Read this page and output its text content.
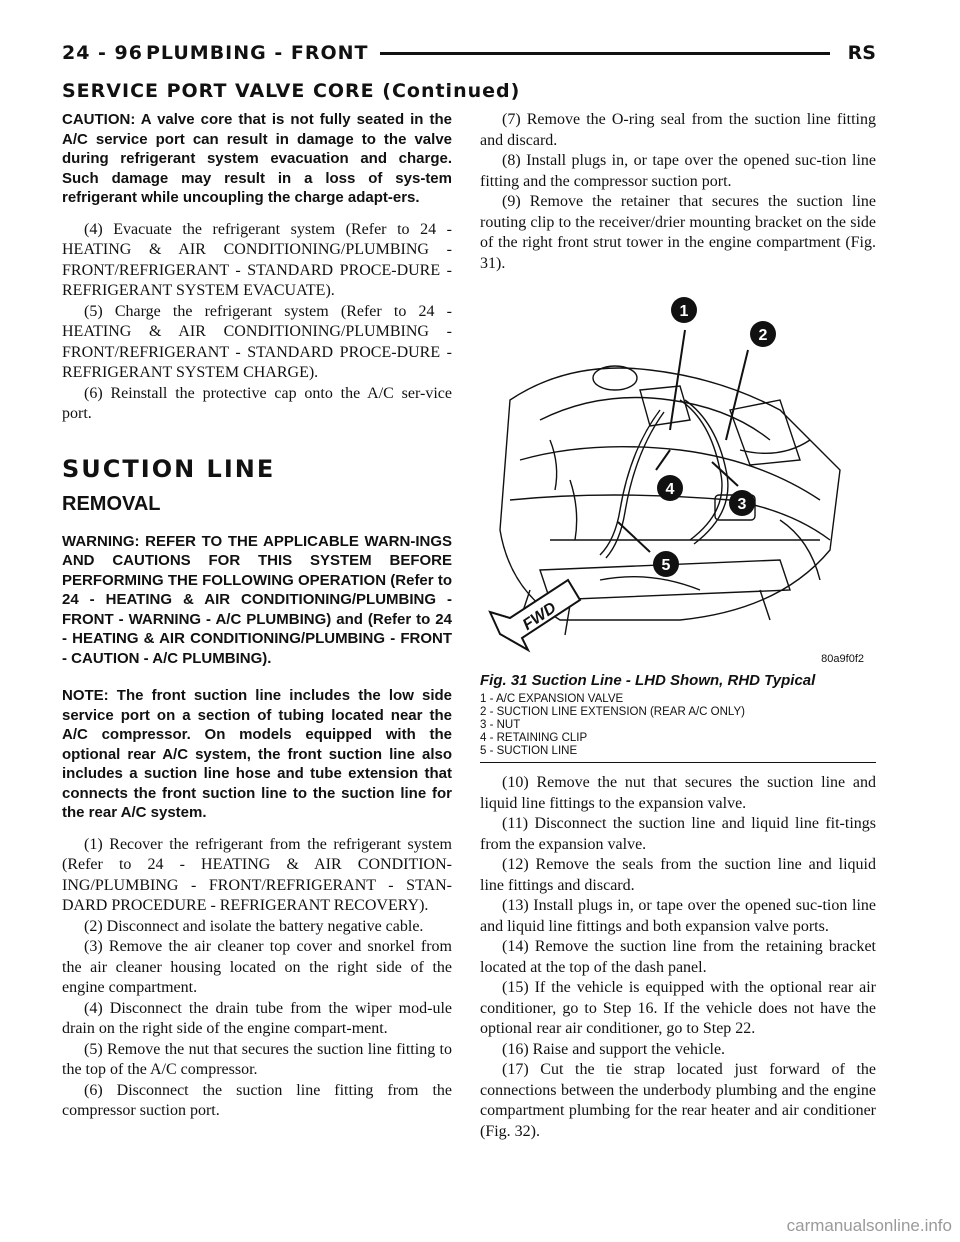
24 - 96 PLUMBING - FRONT	RS
SERVICE PORT VALVE CORE (Continued)

CAUTION: A valve core that is not fully seated in the A/C service port can result in damage to the valve during refrigerant system evacuation and charge. Such damage may result in a loss of sys-tem refrigerant while uncoupling the charge adapt-ers.

(4) Evacuate the refrigerant system (Refer to 24 - HEATING & AIR CONDITIONING/PLUMBING - FRONT/REFRIGERANT - STANDARD PROCE-DURE - REFRIGERANT SYSTEM EVACUATE).

(5) Charge the refrigerant system (Refer to 24 - HEATING & AIR CONDITIONING/PLUMBING - FRONT/REFRIGERANT - STANDARD PROCE-DURE - REFRIGERANT SYSTEM CHARGE).

(6) Reinstall the protective cap onto the A/C ser-vice port.

SUCTION LINE
REMOVAL

WARNING: REFER TO THE APPLICABLE WARN-INGS AND CAUTIONS FOR THIS SYSTEM BEFORE PERFORMING THE FOLLOWING OPERATION (Refer to 24 - HEATING & AIR CONDITIONING/PLUMBING - FRONT - WARNING - A/C PLUMBING) and (Refer to 24 - HEATING & AIR CONDITIONING/PLUMBING - FRONT - CAUTION - A/C PLUMBING).

NOTE: The front suction line includes the low side service port on a section of tubing located near the A/C compressor. On models equipped with the optional rear A/C system, the front suction line also includes a suction line hose and tube extension that connects the front suction line to the suction line for the rear A/C system.

(1) Recover the refrigerant from the refrigerant system (Refer to 24 - HEATING & AIR CONDITION-ING/PLUMBING - FRONT/REFRIGERANT - STAN-DARD PROCEDURE - REFRIGERANT RECOVERY).

(2) Disconnect and isolate the battery negative cable.

(3) Remove the air cleaner top cover and snorkel from the air cleaner housing located on the right side of the engine compartment.

(4) Disconnect the drain tube from the wiper mod-ule drain on the right side of the engine compart-ment.

(5) Remove the nut that secures the suction line fitting to the top of the A/C compressor.

(6) Disconnect the suction line fitting from the compressor suction port.

(7) Remove the O-ring seal from the suction line fitting and discard.

(8) Install plugs in, or tape over the opened suc-tion line fitting and the compressor suction port.

(9) Remove the retainer that secures the suction line routing clip to the receiver/drier mounting bracket on the side of the right front strut tower in the engine compartment (Fig. 31).

1
2
3
4
5
FWD
80a9f0f2
Fig. 31 Suction Line - LHD Shown, RHD Typical

1 - A/C EXPANSION VALVE

2 - SUCTION LINE EXTENSION (REAR A/C ONLY)

3 - NUT

4 - RETAINING CLIP

5 - SUCTION LINE

(10) Remove the nut that secures the suction line and liquid line fittings to the expansion valve.

(11) Disconnect the suction line and liquid line fit-tings from the expansion valve.

(12) Remove the seals from the suction line and liquid line fittings and discard.

(13) Install plugs in, or tape over the opened suc-tion line and liquid line fittings and both expansion valve ports.

(14) Remove the suction line from the retaining bracket located at the top of the dash panel.

(15) If the vehicle is equipped with the optional rear air conditioner, go to Step 16. If the vehicle does not have the optional rear air conditioner, go to Step 22.

(16) Raise and support the vehicle.

(17) Cut the tie strap located just forward of the connections between the underbody plumbing and the engine compartment plumbing for the rear heater and air conditioner (Fig. 32).

carmanualsonline.info
